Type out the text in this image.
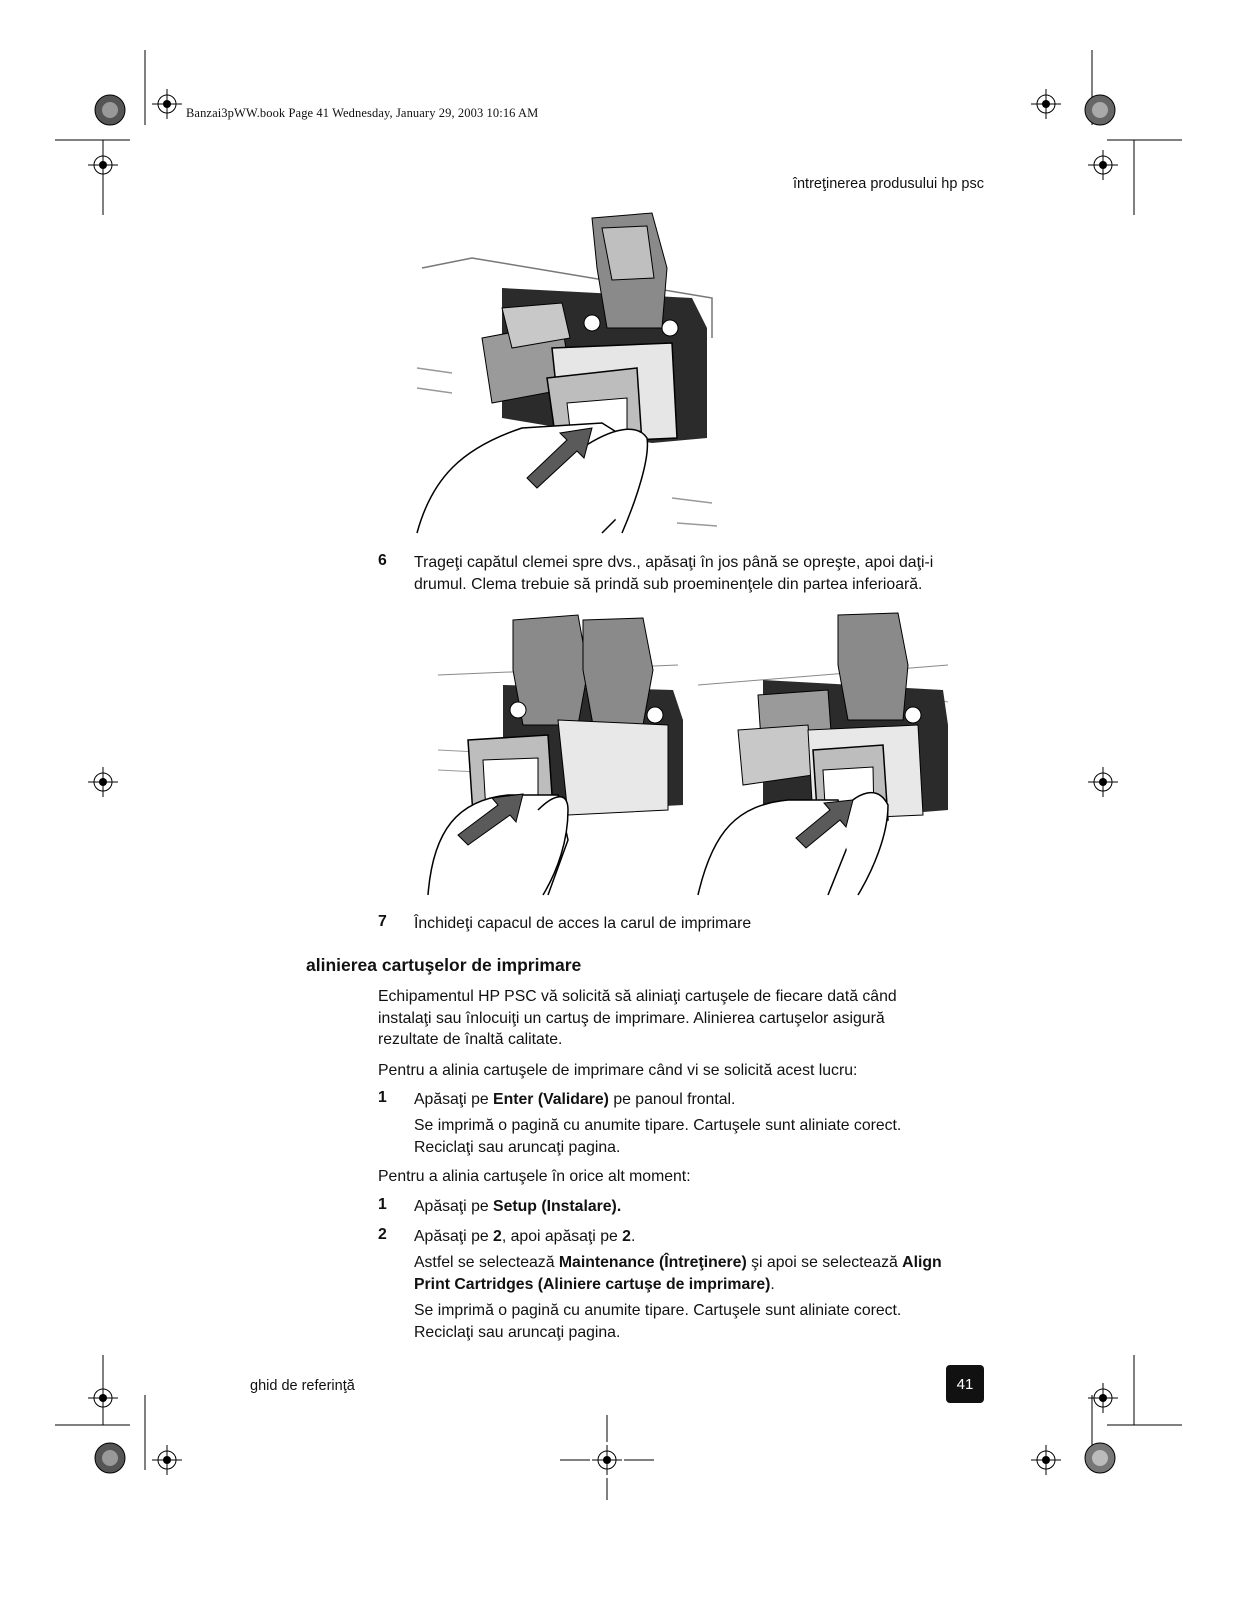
Banzai3pWW.book Page 41 Wednesday, January 29, 2003 10:16 AM
întreţinerea produsului hp psc
6 Trageţi capătul clemei spre dvs., apăsaţi în jos până se opreşte, apoi daţi-i
drumul. Clema trebuie să prindă sub proeminenţele din partea inferioară.
7 Închideţi capacul de acces la carul de imprimare
alinierea cartuşelor de imprimare
Echipamentul HP PSC vă solicită să aliniaţi cartuşele de fiecare dată când
instalaţi sau înlocuiţi un cartuş de imprimare. Alinierea cartuşelor asigură
rezultate de înaltă calitate.
Pentru a alinia cartuşele de imprimare când vi se solicită acest lucru:
1 Apăsaţi pe Enter (Validare) pe panoul frontal.
Se imprimă o pagină cu anumite tipare. Cartuşele sunt aliniate corect.
Reciclaţi sau aruncaţi pagina.
Pentru a alinia cartuşele în orice alt moment:
1 Apăsaţi pe Setup (Instalare).
2 Apăsaţi pe 2, apoi apăsaţi pe 2.
Astfel se selectează Maintenance (Întreţinere) şi apoi se selectează Align
Print Cartridges (Aliniere cartuşe de imprimare).
Se imprimă o pagină cu anumite tipare. Cartuşele sunt aliniate corect.
Reciclaţi sau aruncaţi pagina.
ghid de referinţă	41
